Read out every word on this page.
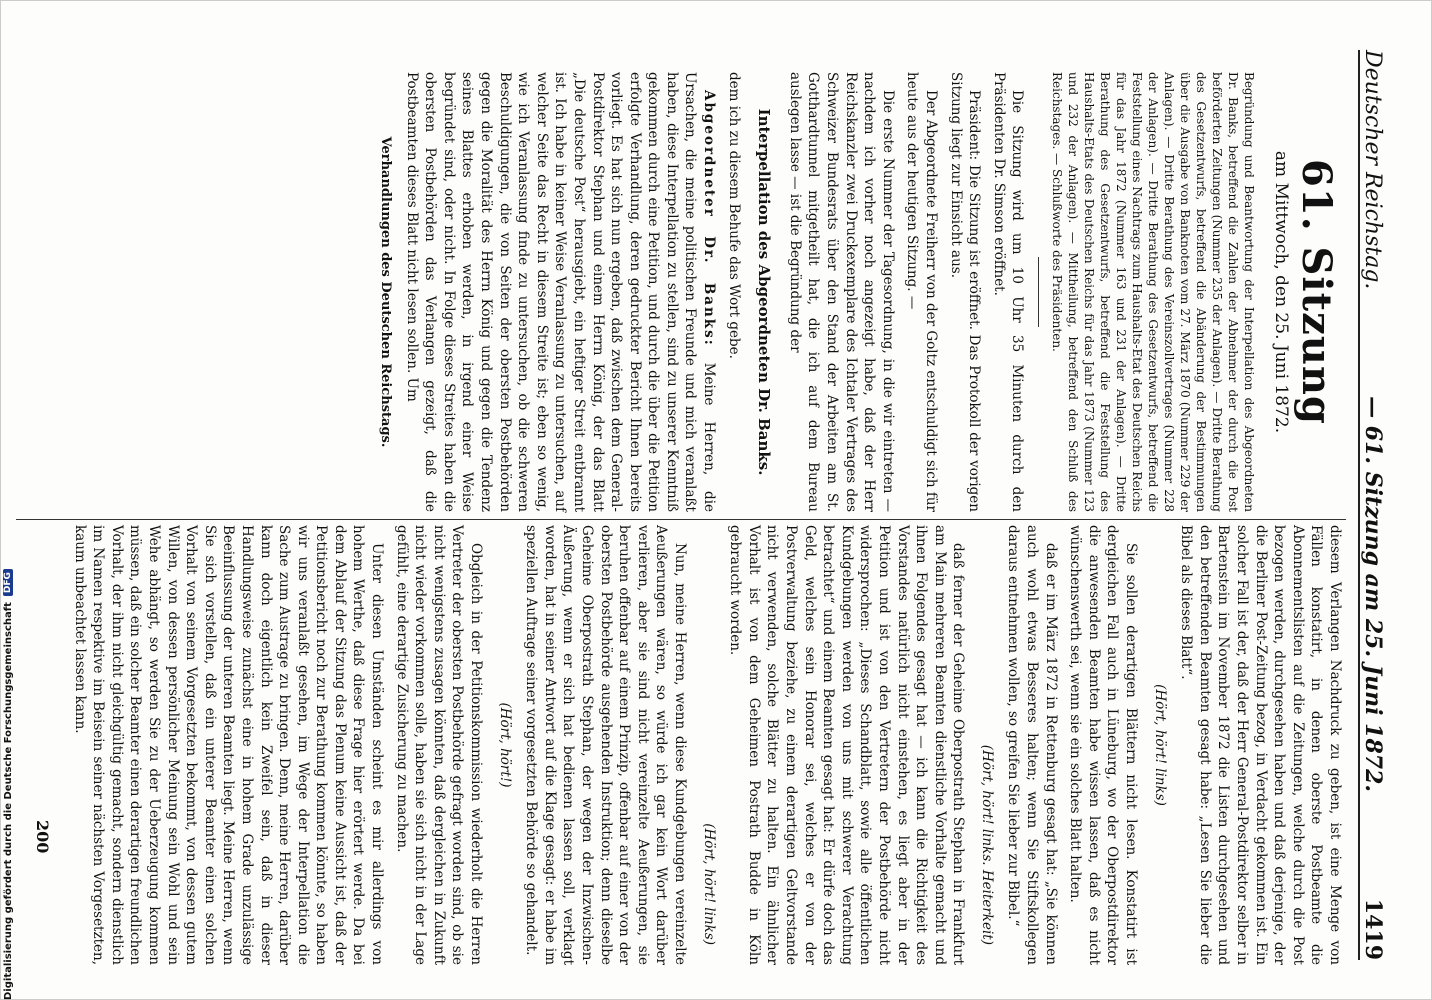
Deutscher Reichstag.
— 61. Sitzung am 25. Juni 1872.
1419
61. Sitzung
am Mittwoch, den 25. Juni 1872.

Begründung und Beantwortung der Interpellation des Abgeordneten Dr. Banks, betreffend die Zahlen der Abnehmer der durch die Post beförderten Zeitungen (Nummer 235 der Anlagen). — Dritte Berathung des Gesetzentwurfs, betreffend die Abänderung der Bestimmungen über die Ausgabe von Banknoten vom 27. März 1870 (Nummer 229 der Anlagen). — Dritte Berathung des Vereinszollvertrages (Nummer 228 der Anlagen). — Dritte Berathung des Gesetzentwurfs, betreffend die Feststellung eines Nachtrags zum Haushalts-Etat des Deutschen Reichs für das Jahr 1872 (Nummer 163 und 231 der Anlagen). — Dritte Berathung des Gesetzentwurfs, betreffend die Feststellung des Haushalts-Etats des Deutschen Reichs für das Jahr 1873 (Nummer 123 und 232 der Anlagen). — Mittheilung, betreffend den Schluß des Reichstages. — Schlußworte des Präsidenten.

Die Sitzung wird um 10 Uhr 35 Minuten durch den Präsidenten Dr. Simson eröffnet.

Präsident: Die Sitzung ist eröffnet. Das Protokoll der vorigen Sitzung liegt zur Einsicht aus.

Der Abgeordnete Freiherr von der Goltz entschuldigt sich für heute aus der heutigen Sitzung. —

Die erste Nummer der Tagesordnung, in die wir eintreten — nachdem ich vorher noch angezeigt habe, daß der Herr Reichskanzler zwei Druckexemplare des Ichtaler Vertrages des Schweizer Bundesrats über den Stand der Arbeiten am St. Gotthardtunnel mitgetheilt hat, die ich auf dem Bureau auslegen lasse — ist die Begründung der

Interpellation des Abgeordneten Dr. Banks.

dem ich zu diesem Behufe das Wort gebe.

Abgeordneter Dr. Banks: Meine Herren, die Ursachen, die meine politischen Freunde und mich veranlaßt haben, diese Interpellation zu stellen, sind zu unserer Kenntniß gekommen durch eine Petition, und durch die über die Petition erfolgte Verhandlung, deren gedruckter Bericht Ihnen bereits vorliegt. Es hat sich nun ergeben, daß zwischen dem General-Postdirektor Stephan und einem Herrn König, der das Blatt „Die deutsche Post“ herausgiebt, ein heftiger Streit entbrannt ist. Ich habe in keiner Weise Veranlassung zu untersuchen, auf welcher Seite das Recht in diesem Streite ist; eben so wenig, wie ich Veranlassung finde zu untersuchen, ob die schweren Beschuldigungen, die von Seiten der obersten Postbehörden gegen die Moralität des Herrn König und gegen die Tendenz seines Blattes erhoben werden, in irgend einer Weise begründet sind, oder nicht. In Folge dieses Streites haben die obersten Postbehörden das Verlangen gezeigt, daß die Postbeamten dieses Blatt nicht lesen sollen. Um

Verhandlungen des Deutschen Reichstags.

diesem Verlangen Nachdruck zu geben, ist eine Menge von Fällen konstatirt, in denen oberste Postbeamte die Abonnementslisten auf die Zeitungen, welche durch die Post bezogen werden, durchgesehen haben und daß derjenige, der die Berliner Post-Zeitung bezog, in Verdacht gekommen ist. Ein solcher Fall ist der, daß der Herr General-Postdirektor selber in Bartenstein im November 1872 die Listen durchgesehen und den betreffenden Beamten gesagt habe: „Lesen Sie lieber die Bibel als dieses Blatt“.

(Hört, hört! links)

Sie sollen derartigen Blättern nicht lesen. Konstatirt ist dergleichen Fall auch in Lüneburg, wo der Oberpostdirektor die anwesenden Beamten habe wissen lassen, daß es nicht wünschenswerth sei, wenn sie ein solches Blatt halten.

daß er im März 1872 in Rettenburg gesagt hat: „Sie können auch wohl etwas Besseres halten; wenn Sie Stiftskollegen daraus entnehmen wollen, so greifen Sie lieber zur Bibel.“

(Hört, hört! links. Heiterkeit)

daß ferner der Geheime Oberpostrath Stephan in Frankfurt am Main mehreren Beamten dienstliche Vorhalte gemacht und ihnen Folgendes gesagt hat — ich kann die Richtigkeit des Vorstandes natürlich nicht einstehen, es liegt aber in der Petition und ist von den Vertretern der Postbehörde nicht widersprochen: „Dieses Schandblatt, sowie alle öffentlichen Kundgebungen werden von uns mit schwerer Verachtung betrachtet“ und einem Beamten gesagt hat: Er dürfe doch das Geld, welches sein Honorar sei, welches er von der Postverwaltung beziehe, zu einem derartigen Geltvorstande nicht verwenden, solche Blätter zu halten. Ein ähnlicher Vorhalt ist von dem Geheimen Postrath Budde in Köln gebraucht worden.

(Hört, hört! links)

Nun, meine Herren, wenn diese Kundgebungen vereinzelte Aeußerungen wären, so würde ich gar kein Wort darüber verlieren, aber sie sind nicht vereinzelte Aeußerungen, sie beruhen offenbar auf einem Prinzip, offenbar auf einer von der obersten Postbehörde ausgehenden Instruktion; denn dieselbe Geheime Oberpostrath Stephan, der wegen der Inzwischen-Äußerung, wenn er sich hat bedienen lassen soll, verklagt worden, hat in seiner Antwort auf die Klage gesagt: er habe im speziellen Auftrage seiner vorgesetzten Behörde so gehandelt.

(Hört, hört!)

Obgleich in der Petitionskommission wiederholt die Herren Vertreter der obersten Postbehörde gefragt worden sind, ob sie nicht wenigstens zusagen könnten, daß dergleichen in Zukunft nicht wieder vorkommen solle, haben sie sich nicht in der Lage gefühlt, eine derartige Zusicherung zu machen.

Unter diesen Umständen scheint es mir allerdings von hohem Werthe, daß diese Frage hier erörtert werde. Da bei dem Ablauf der Sitzung das Plenum keine Aussicht ist, daß der Petitionsbericht noch zur Berathung kommen könnte, so haben wir uns veranlaßt gesehen, im Wege der Interpellation die Sache zum Austrage zu bringen. Denn, meine Herren, darüber kann doch eigentlich kein Zweifel sein, daß in dieser Handlungsweise zunächst eine in hohem Grade unzulässige Beeinflussung der unteren Beamten liegt. Meine Herren, wenn Sie sich vorstellen, daß ein unterer Beamter einen solchen Vorhalt von seinem Vorgesetzten bekommt, von dessen gutem Willen, von dessen persönlicher Meinung sein Wohl und sein Wehe abhängt, so werden Sie zu der Ueberzeugung kommen müssen, daß ein solcher Beamter einen derartigen freundlichen Vorhalt, der ihm nicht gleichgültig gemacht, sondern dienstlich im Namen respektive im Beisein seiner nächsten Vorgesetzten, kaum unbeachtet lassen kann.

200
Digitalisierung gefördert durch die Deutsche Forschungsgemeinschaft
DFG
